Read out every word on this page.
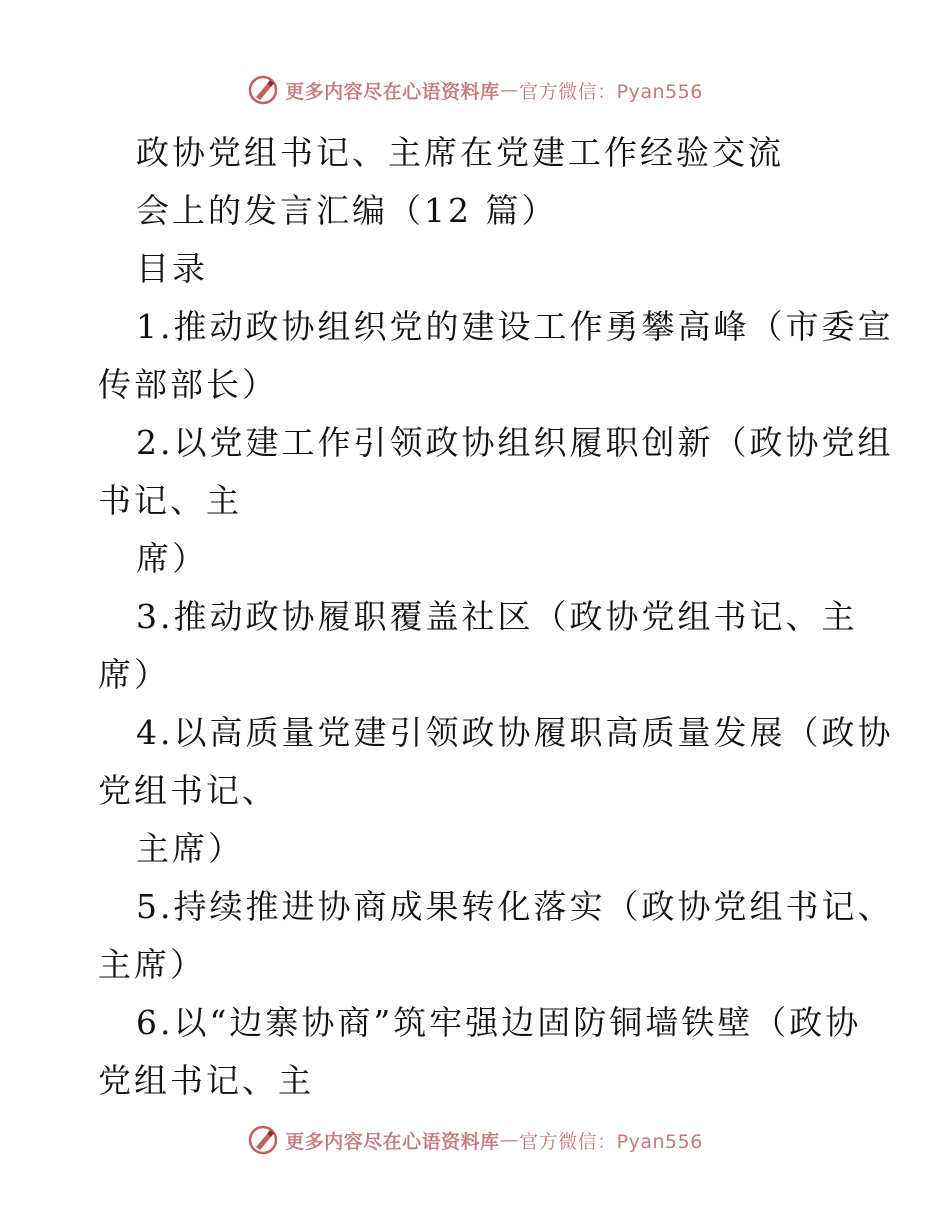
更多内容尽在心语资料库 — 官方微信：Pyan556
政协党组书记、主席在党建工作经验交流
会上的发言汇编（12 篇）
目录
1.推动政协组织党的建设工作勇攀高峰（市委宣
传部部长）
2.以党建工作引领政协组织履职创新（政协党组
书记、主
席）
3.推动政协履职覆盖社区（政协党组书记、主
席）
4.以高质量党建引领政协履职高质量发展（政协
党组书记、
主席）
5.持续推进协商成果转化落实（政协党组书记、
主席）
6.以“边寨协商”筑牢强边固防铜墙铁壁（政协
党组书记、主
更多内容尽在心语资料库 — 官方微信：Pyan556
